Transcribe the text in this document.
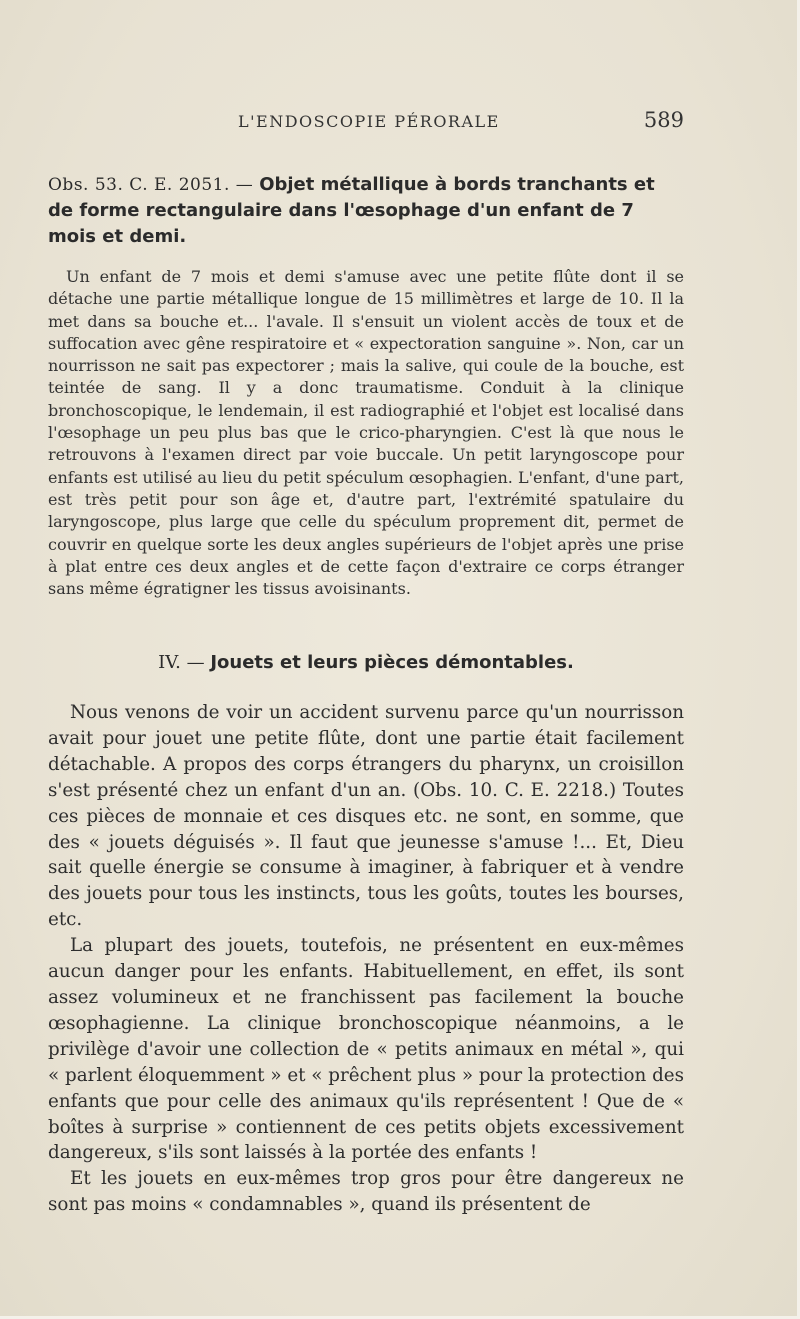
L'ENDOSCOPIE PÉRORALE	589
Obs. 53. C. E. 2051. — Objet métallique à bords tranchants et de forme rectangulaire dans l'œsophage d'un enfant de 7 mois et demi.

Un enfant de 7 mois et demi s'amuse avec une petite flûte dont il se détache une partie métallique longue de 15 millimètres et large de 10. Il la met dans sa bouche et... l'avale. Il s'ensuit un violent accès de toux et de suffocation avec gêne respiratoire et « expectoration sanguine ». Non, car un nourrisson ne sait pas expectorer ; mais la salive, qui coule de la bouche, est teintée de sang. Il y a donc traumatisme. Conduit à la clinique bronchoscopique, le lendemain, il est radiographié et l'objet est localisé dans l'œsophage un peu plus bas que le crico-pharyngien. C'est là que nous le retrouvons à l'examen direct par voie buccale. Un petit laryngoscope pour enfants est utilisé au lieu du petit spéculum œsophagien. L'enfant, d'une part, est très petit pour son âge et, d'autre part, l'extrémité spatulaire du laryngoscope, plus large que celle du spéculum proprement dit, permet de couvrir en quelque sorte les deux angles supérieurs de l'objet après une prise à plat entre ces deux angles et de cette façon d'extraire ce corps étranger sans même égratigner les tissus avoisinants.

IV. — Jouets et leurs pièces démontables.

Nous venons de voir un accident survenu parce qu'un nourrisson avait pour jouet une petite flûte, dont une partie était facilement détachable. A propos des corps étrangers du pharynx, un croisillon s'est présenté chez un enfant d'un an. (Obs. 10. C. E. 2218.) Toutes ces pièces de monnaie et ces disques etc. ne sont, en somme, que des « jouets déguisés ». Il faut que jeunesse s'amuse !... Et, Dieu sait quelle énergie se consume à imaginer, à fabriquer et à vendre des jouets pour tous les instincts, tous les goûts, toutes les bourses, etc.

La plupart des jouets, toutefois, ne présentent en eux-mêmes aucun danger pour les enfants. Habituellement, en effet, ils sont assez volumineux et ne franchissent pas facilement la bouche œsophagienne. La clinique bronchoscopique néanmoins, a le privilège d'avoir une collection de « petits animaux en métal », qui « parlent éloquemment » et « prêchent plus » pour la protection des enfants que pour celle des animaux qu'ils représentent ! Que de « boîtes à surprise » contiennent de ces petits objets excessivement dangereux, s'ils sont laissés à la portée des enfants !

Et les jouets en eux-mêmes trop gros pour être dangereux ne sont pas moins « condamnables », quand ils présentent de
